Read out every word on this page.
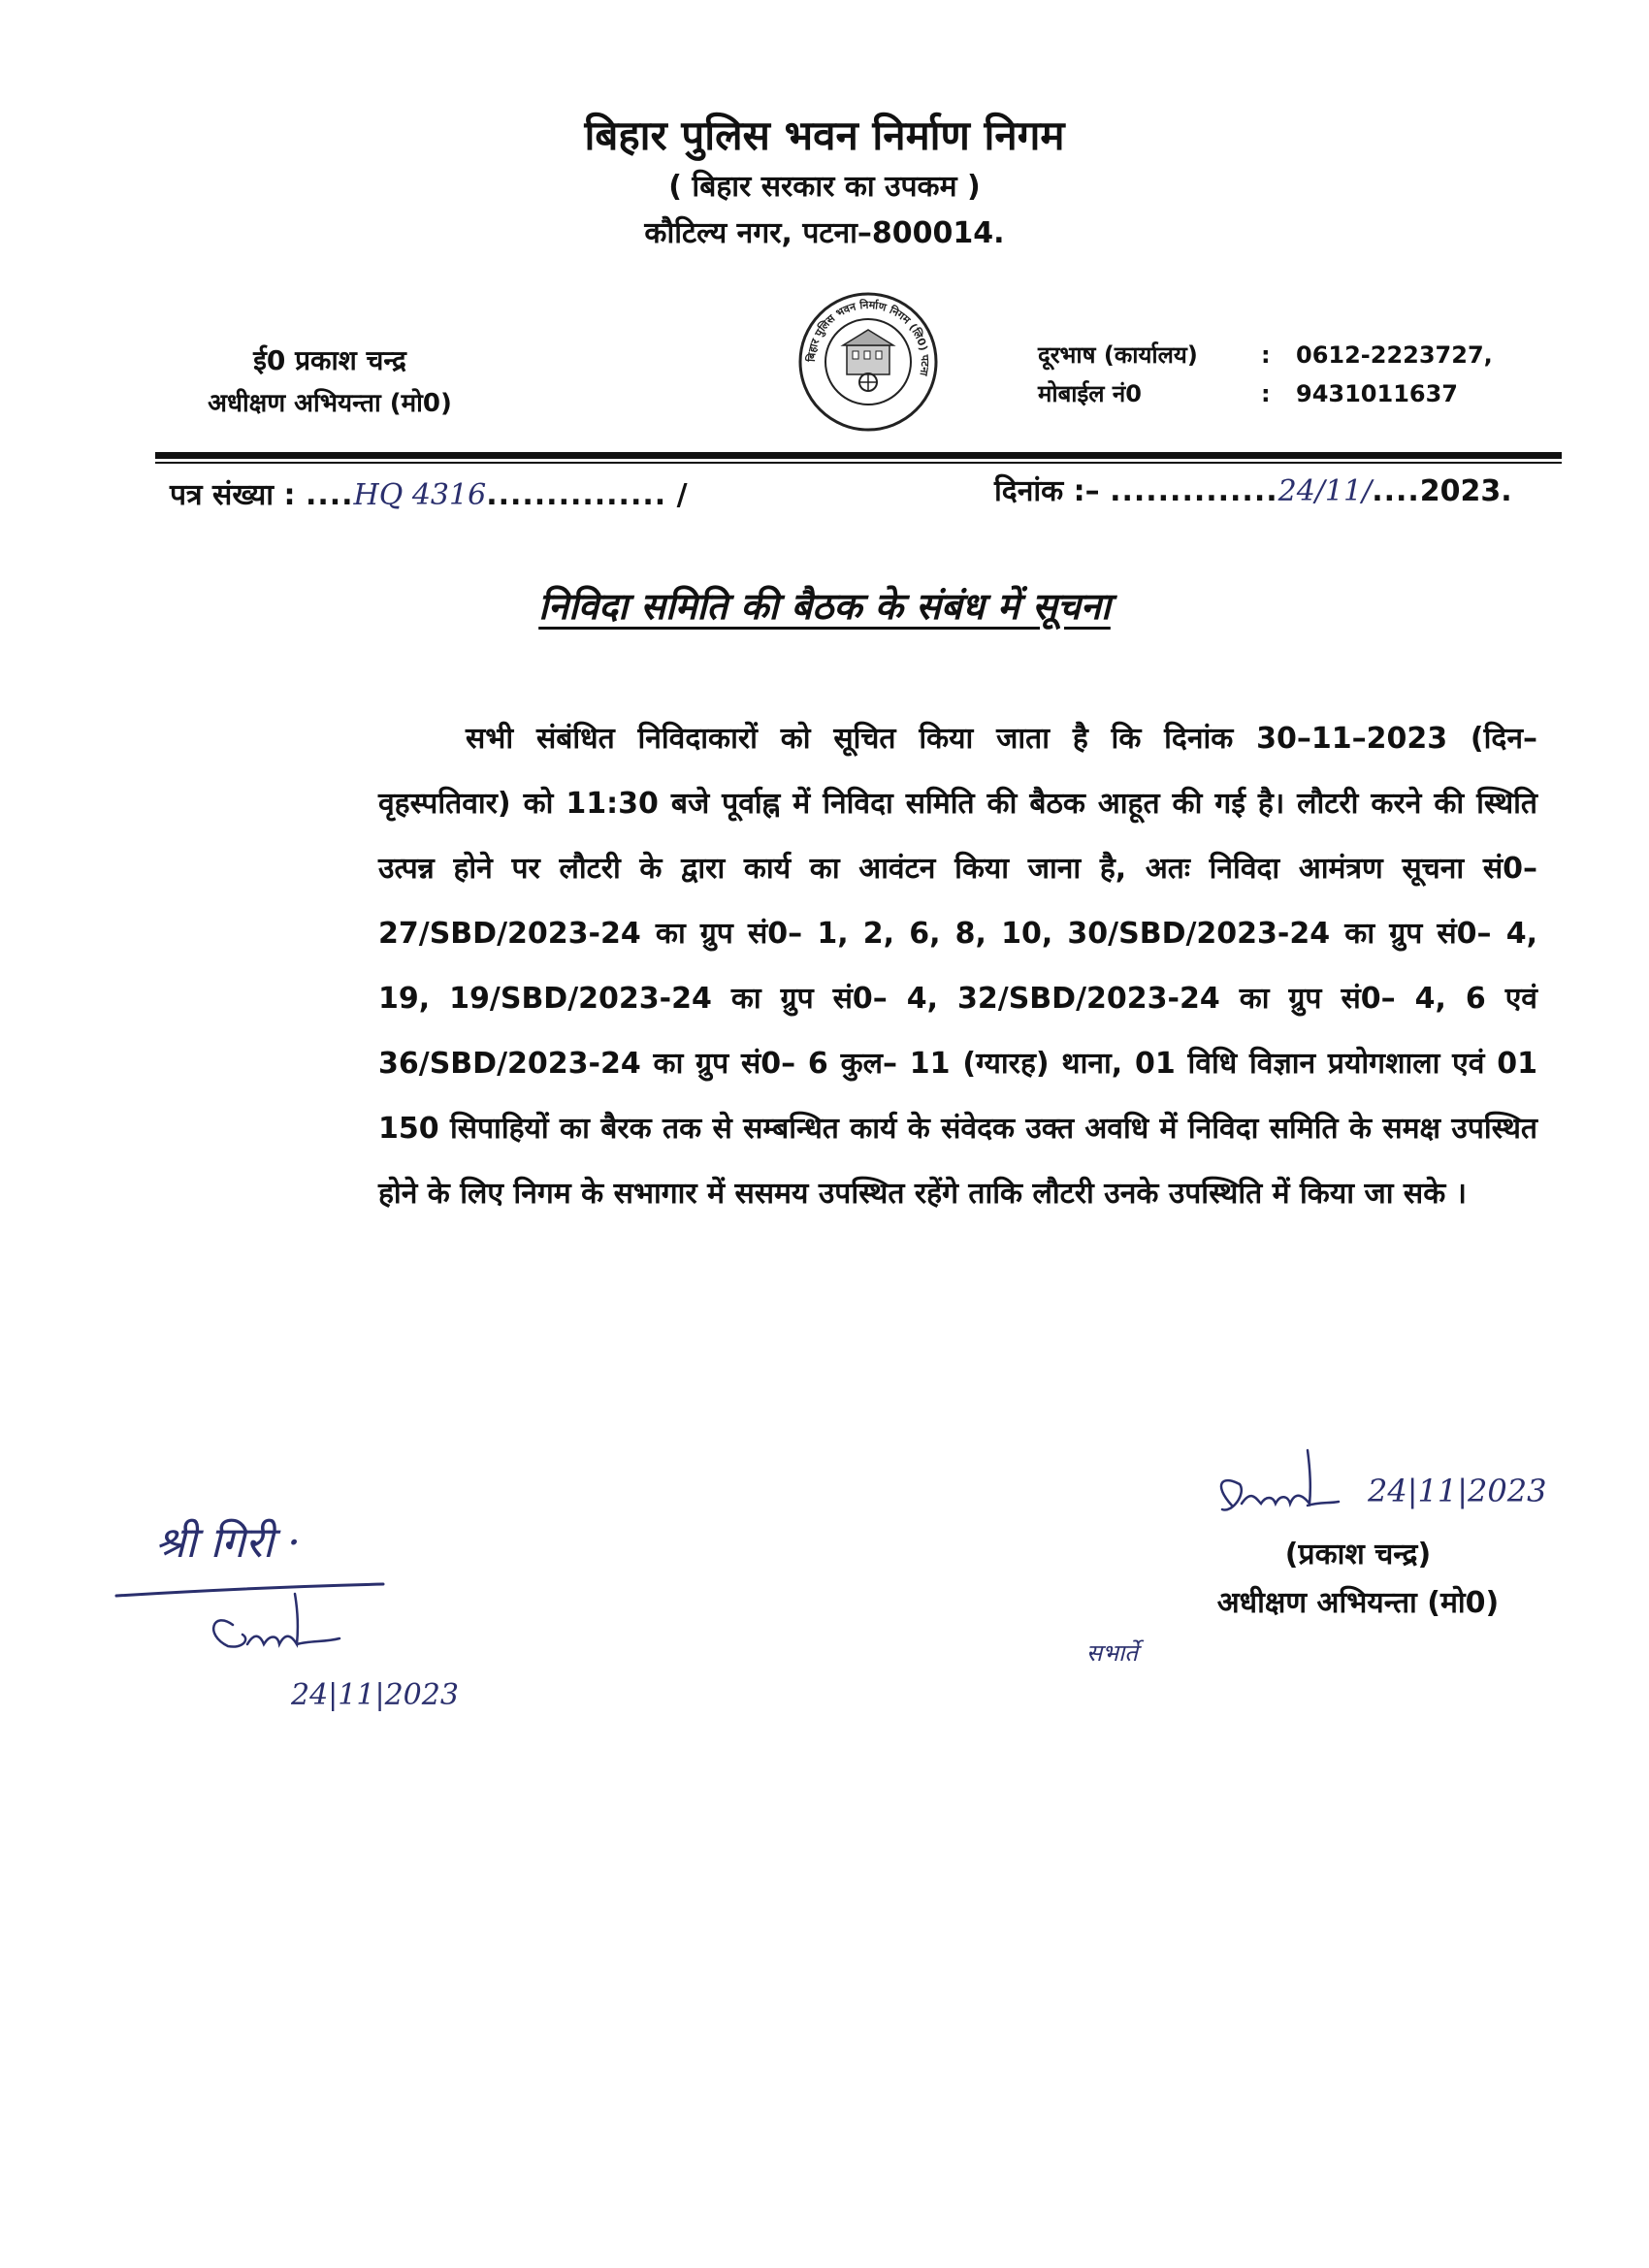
बिहार पुलिस भवन निर्माण निगम
( बिहार सरकार का उपकम )
कौटिल्य नगर, पटना–800014.
ई0 प्रकाश चन्द्र
अधीक्षण अभियन्ता (मो0)
बिहार पुलिस भवन निर्माण निगम (लि0) पटना
दूरभाष (कार्यालय)	: 0612-2223727,
मोबाईल नं0	: 9431011637
पत्र संख्या : ....HQ 4316............... /	दिनांक :– ..............24/11/....2023.
निविदा समिति की बैठक के संबंध में सूचना
सभी संबंधित निविदाकारों को सूचित किया जाता है कि दिनांक 30–11–2023 (दिन– वृहस्पतिवार) को 11:30 बजे पूर्वाह्न में निविदा समिति की बैठक आहूत की गई है। लौटरी करने की स्थिति उत्पन्न होने पर लौटरी के द्वारा कार्य का आवंटन किया जाना है, अतः निविदा आमंत्रण सूचना सं0– 27/SBD/2023-24 का ग्रुप सं0– 1, 2, 6, 8, 10, 30/SBD/2023-24 का ग्रुप सं0– 4, 19, 19/SBD/2023-24 का ग्रुप सं0– 4, 32/SBD/2023-24 का ग्रुप सं0– 4, 6 एवं 36/SBD/2023-24 का ग्रुप सं0– 6 कुल– 11 (ग्यारह) थाना, 01 विधि विज्ञान प्रयोगशाला एवं 01 150 सिपाहियों का बैरक तक से सम्बन्धित कार्य के संवेदक उक्त अवधि में निविदा समिति के समक्ष उपस्थित होने के लिए निगम के सभागार में ससमय उपस्थित रहेंगे ताकि लौटरी उनके उपस्थिति में किया जा सके ।
24|11|2023
(प्रकाश चन्द्र)
अधीक्षण अभियन्ता (मो0)
श्री गिरी ·
24|11|2023
सभार्ते
